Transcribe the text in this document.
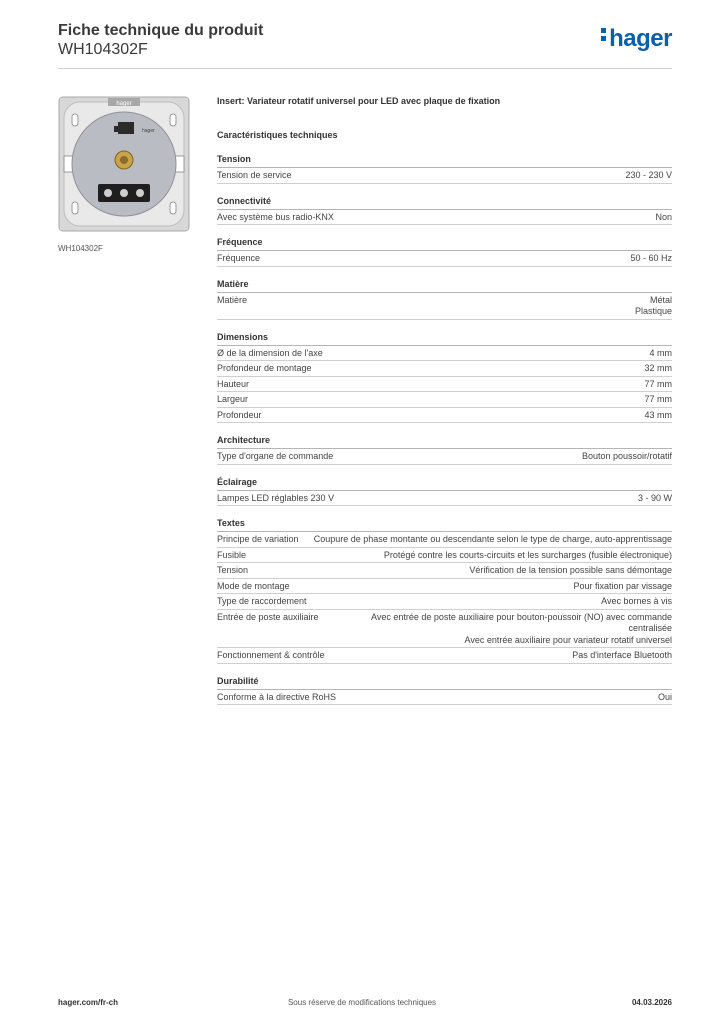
Fiche technique du produit
WH104302F	hager
hager
hager
WH104302F
Insert: Variateur rotatif universel pour LED avec plaque de fixation
Caractéristiques techniques
Tension
Tension de service	230 - 230 V
Connectivité
Avec système bus radio-KNX	Non
Fréquence
Fréquence	50 - 60 Hz
Matière
Matière	Métal
Plastique
Dimensions
Ø de la dimension de l'axe	4 mm
Profondeur de montage	32 mm
Hauteur	77 mm
Largeur	77 mm
Profondeur	43 mm
Architecture
Type d'organe de commande	Bouton poussoir/rotatif
Éclairage
Lampes LED réglables 230 V	3 - 90 W
Textes
Principe de variation	Coupure de phase montante ou descendante selon le type de charge, auto-apprentissage
Fusible	Protégé contre les courts-circuits et les surcharges (fusible électronique)
Tension	Vérification de la tension possible sans démontage
Mode de montage	Pour fixation par vissage
Type de raccordement	Avec bornes à vis
Entrée de poste auxiliaire	Avec entrée de poste auxiliaire pour bouton-poussoir (NO) avec commande centralisée
Avec entrée auxiliaire pour variateur rotatif universel
Fonctionnement & contrôle	Pas d'interface Bluetooth
Durabilité
Conforme à la directive RoHS	Oui
hager.com/fr-ch	Sous réserve de modifications techniques	04.03.2026
